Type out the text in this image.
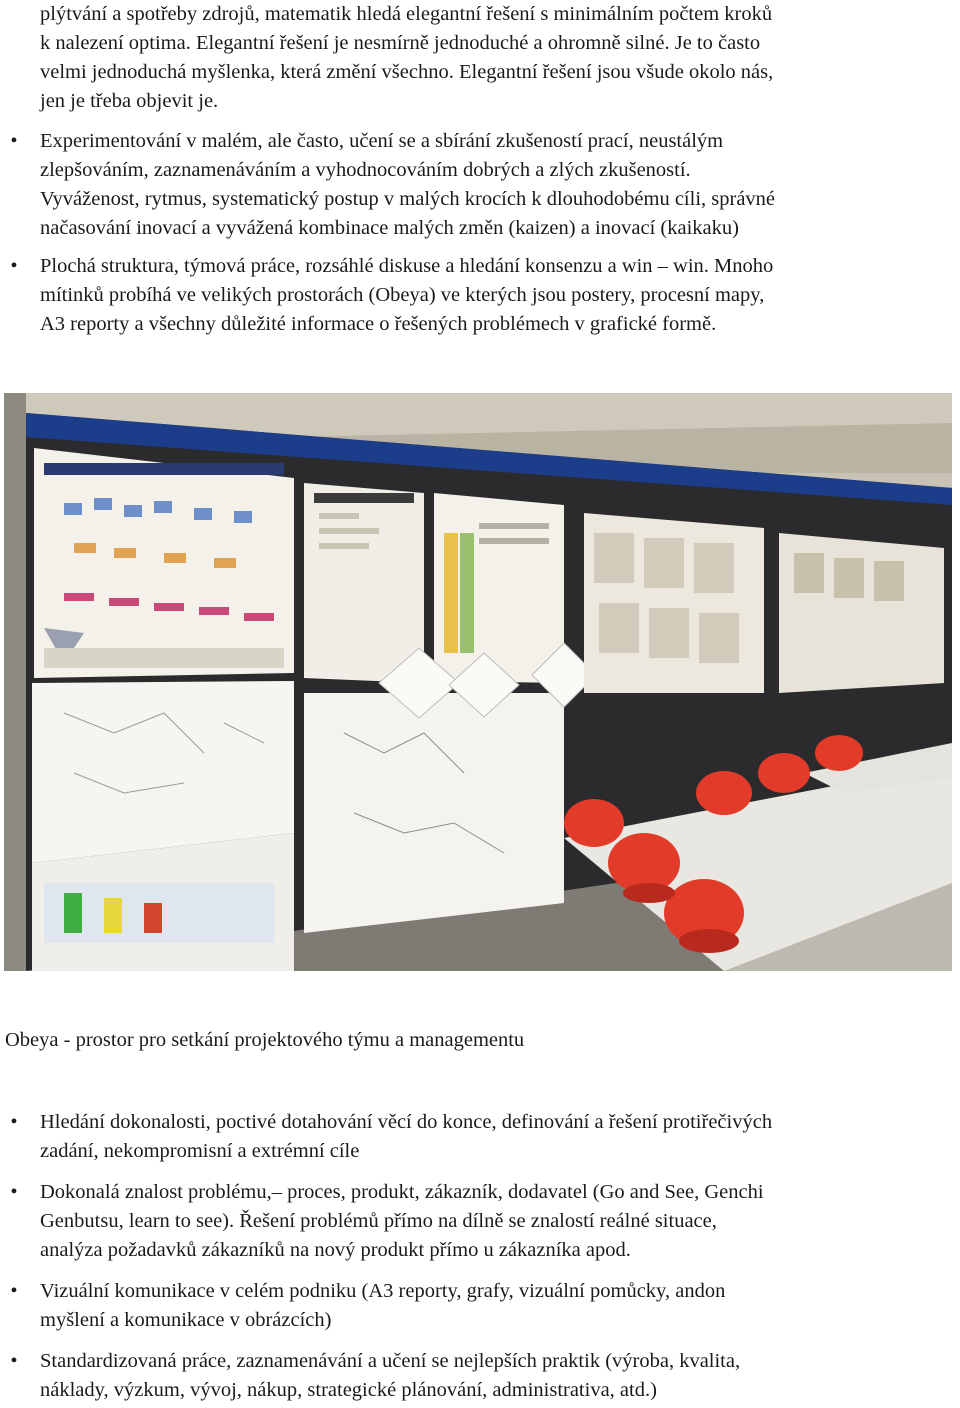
plýtvání a spotřeby zdrojů, matematik hledá elegantní řešení s minimálním počtem kroků
k nalezení optima. Elegantní řešení je nesmírně jednoduché a ohromně silné. Je to často
velmi jednoduchá myšlenka, která změní všechno. Elegantní řešení jsou všude okolo nás,
jen je třeba objevit je.
•	Experimentování v malém, ale často, učení se a sbírání zkušeností prací, neustálým
zlepšováním, zaznamenáváním a vyhodnocováním dobrých a zlých zkušeností.
Vyváženost, rytmus, systematický postup v malých krocích k dlouhodobému cíli, správné
načasování inovací a vyvážená kombinace malých změn (kaizen) a inovací (kaikaku)
•	Plochá struktura, týmová práce, rozsáhlé diskuse a hledání konsenzu a win – win. Mnoho
mítinků probíhá ve velikých prostorách (Obeya) ve kterých jsou postery, procesní mapy,
A3 reporty a všechny důležité informace o řešených problémech v grafické formě.
Obeya - prostor pro setkání projektového týmu a managementu
•	Hledání dokonalosti, poctivé dotahování věcí do konce, definování a řešení protiřečivých
zadání, nekompromisní a extrémní cíle
•	Dokonalá znalost problému,– proces, produkt, zákazník, dodavatel (Go and See, Genchi
Genbutsu, learn to see). Řešení problémů přímo na dílně se znalostí reálné situace,
analýza požadavků zákazníků na nový produkt přímo u zákazníka apod.
•	Vizuální komunikace v celém podniku (A3 reporty, grafy, vizuální pomůcky, andon
myšlení a komunikace v obrázcích)
•	Standardizovaná práce, zaznamenávání a učení se nejlepších praktik (výroba, kvalita,
náklady, výzkum, vývoj, nákup, strategické plánování, administrativa, atd.)
